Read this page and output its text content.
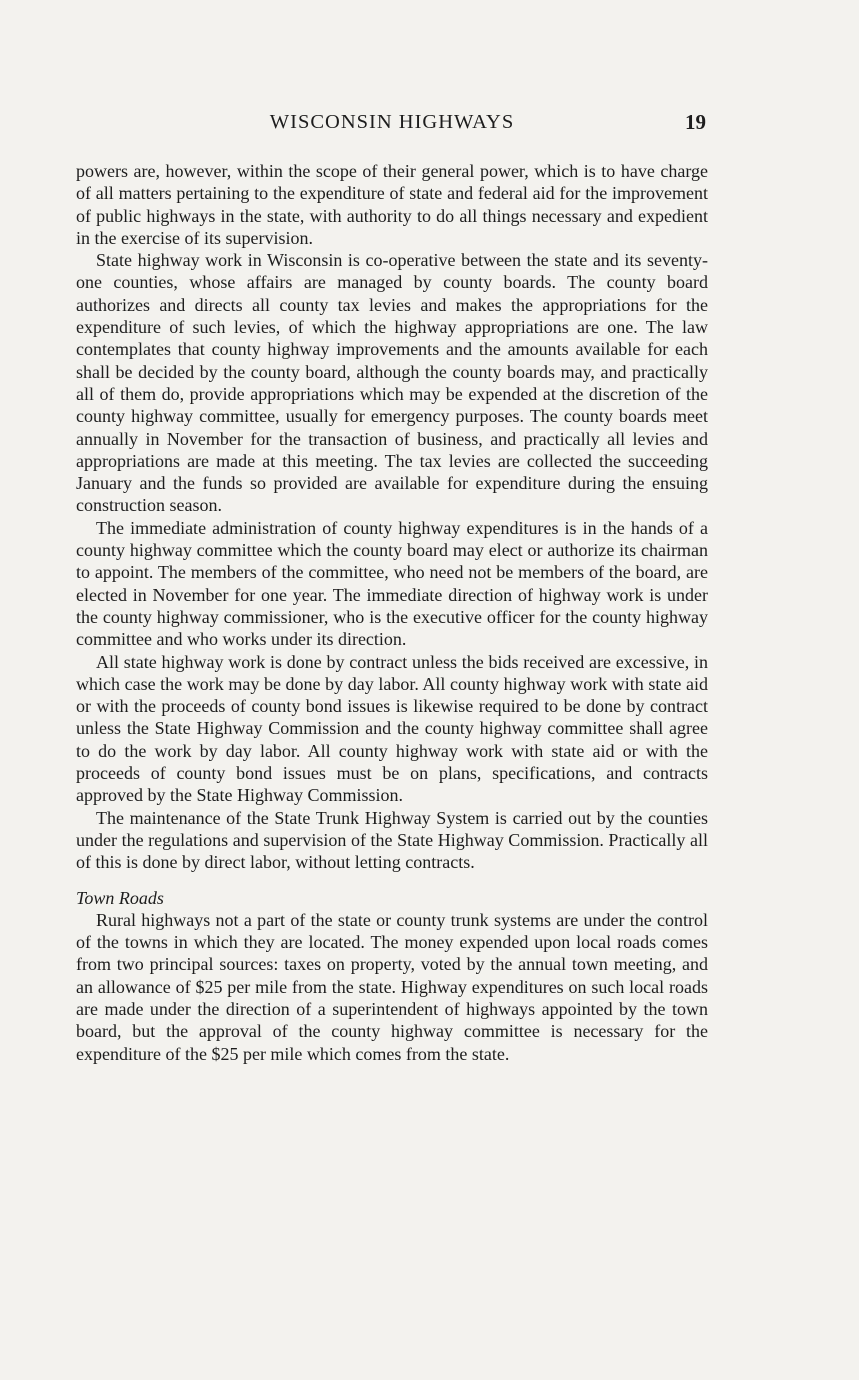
WISCONSIN HIGHWAYS	19

powers are, however, within the scope of their general power, which is to have charge of all matters pertaining to the expenditure of state and federal aid for the improvement of public highways in the state, with authority to do all things necessary and expedient in the exercise of its supervision.

State highway work in Wisconsin is co-operative between the state and its seventy-one counties, whose affairs are managed by county boards. The county board authorizes and directs all county tax levies and makes the appropriations for the expenditure of such levies, of which the highway appropriations are one. The law contemplates that county highway improvements and the amounts available for each shall be decided by the county board, although the county boards may, and practically all of them do, provide appropriations which may be expended at the discretion of the county highway committee, usually for emergency purposes. The county boards meet annually in November for the transaction of business, and practically all levies and appropriations are made at this meeting. The tax levies are collected the succeeding January and the funds so provided are available for expenditure during the ensuing construction season.

The immediate administration of county highway expenditures is in the hands of a county highway committee which the county board may elect or authorize its chairman to appoint. The members of the committee, who need not be members of the board, are elected in November for one year. The immediate direction of highway work is under the county highway commissioner, who is the executive officer for the county highway committee and who works under its direction.

All state highway work is done by contract unless the bids received are excessive, in which case the work may be done by day labor. All county highway work with state aid or with the proceeds of county bond issues is likewise required to be done by contract unless the State Highway Commission and the county highway committee shall agree to do the work by day labor. All county highway work with state aid or with the proceeds of county bond issues must be on plans, specifications, and contracts approved by the State Highway Commission.

The maintenance of the State Trunk Highway System is carried out by the counties under the regulations and supervision of the State Highway Commission. Practically all of this is done by direct labor, without letting contracts.

Town Roads

Rural highways not a part of the state or county trunk systems are under the control of the towns in which they are located. The money expended upon local roads comes from two principal sources: taxes on property, voted by the annual town meeting, and an allowance of $25 per mile from the state. Highway expenditures on such local roads are made under the direction of a superintendent of highways appointed by the town board, but the approval of the county highway committee is necessary for the expenditure of the $25 per mile which comes from the state.
